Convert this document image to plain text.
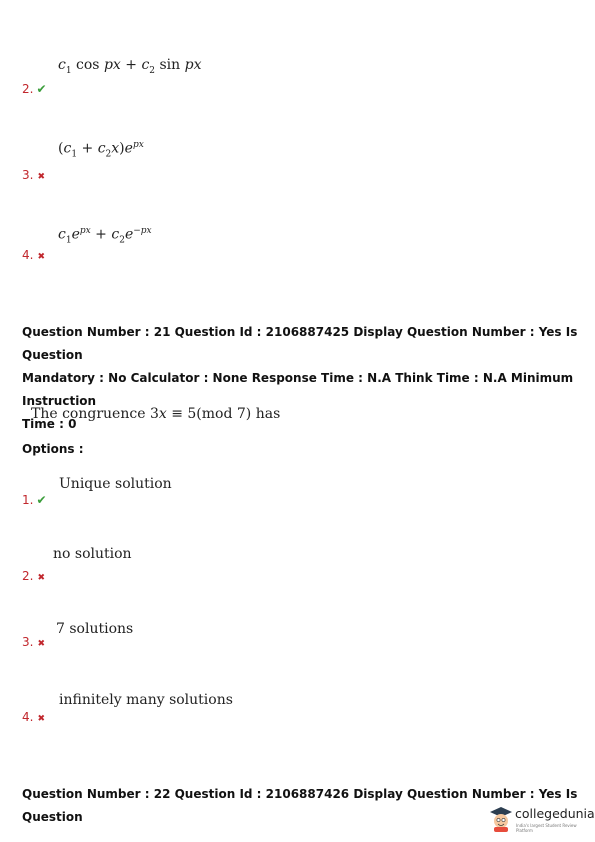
$c_1$ cos px + $c_2$ sin px
2. ✔
$(c_1 + c_2x)e^{px}$
3. ✖
$c_1e^{px} + c_2e^{-px}$
4. ✖
Question Number : 21 Question Id : 2106887425 Display Question Number : Yes Is Question
Mandatory : No Calculator : None Response Time : N.A Think Time : N.A Minimum Instruction
Time : 0
The congruence 3x ≡ 5(mod 7) has
Options :
Unique solution
1. ✔
no solution
2. ✖
7 solutions
3. ✖
infinitely many solutions
4. ✖
Question Number : 22 Question Id : 2106887426 Display Question Number : Yes Is Question	collegedunia
India's largest Student Review Platform
